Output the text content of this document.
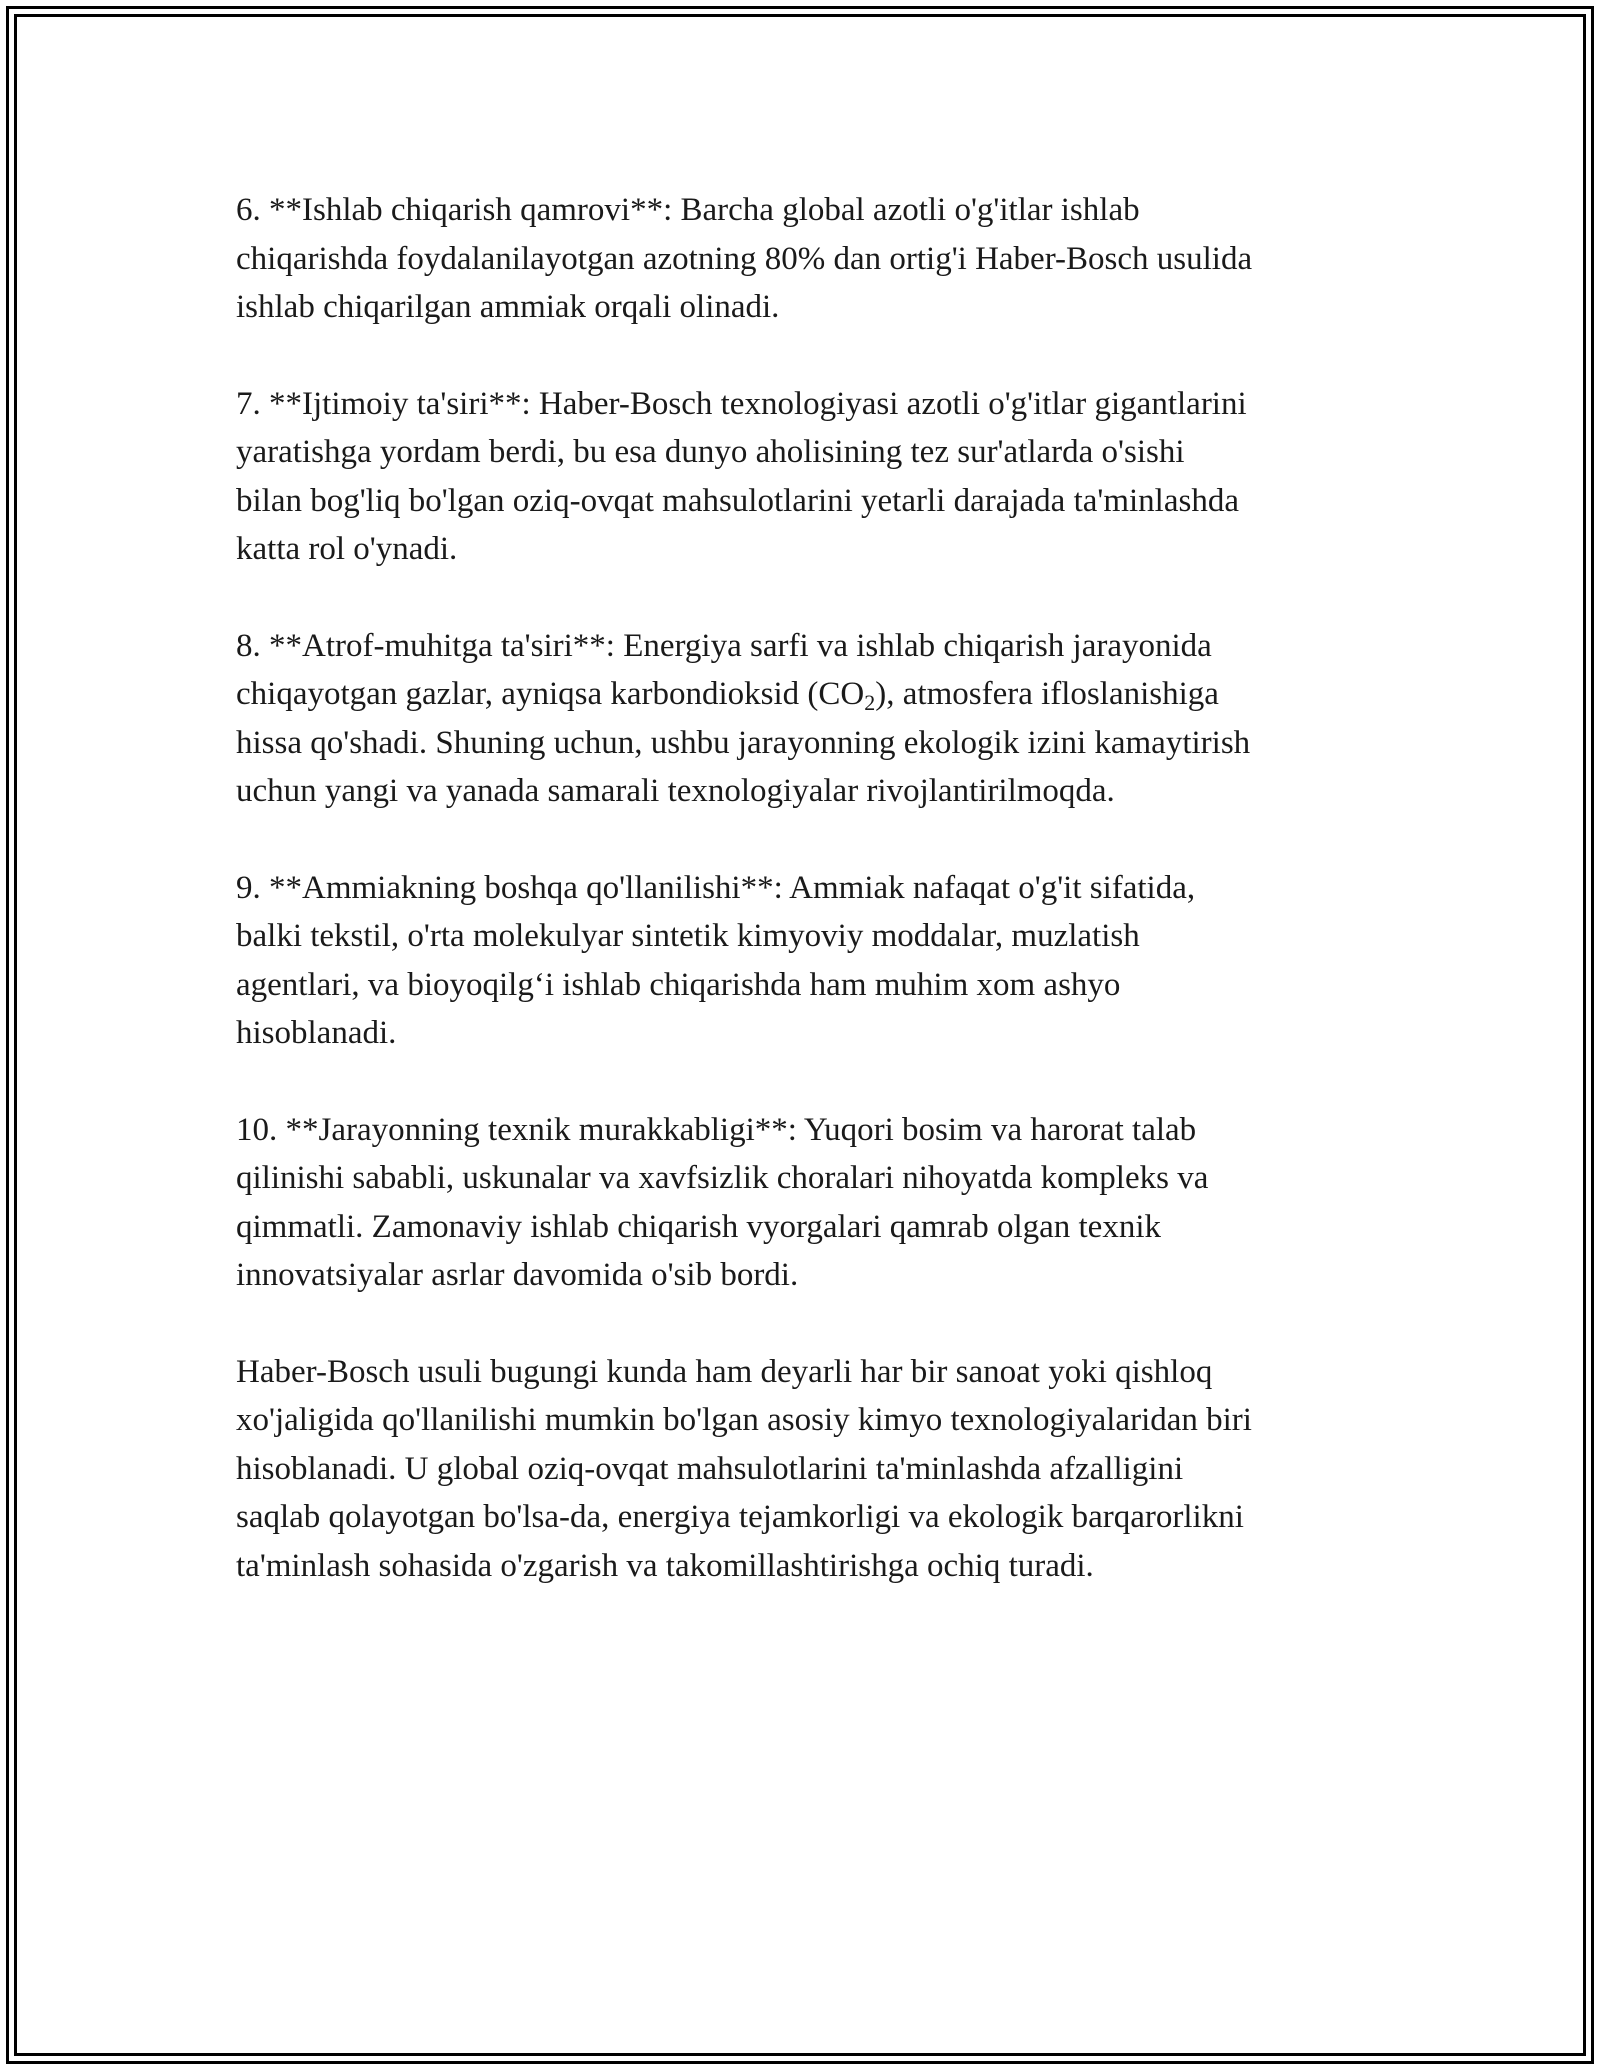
6. **Ishlab chiqarish qamrovi**: Barcha global azotli o'g'itlar ishlab
chiqarishda foydalanilayotgan azotning 80% dan ortig'i Haber-Bosch usulida
ishlab chiqarilgan ammiak orqali olinadi.

7. **Ijtimoiy ta'siri**: Haber-Bosch texnologiyasi azotli o'g'itlar gigantlarini
yaratishga yordam berdi, bu esa dunyo aholisining tez sur'atlarda o'sishi
bilan bog'liq bo'lgan oziq-ovqat mahsulotlarini yetarli darajada ta'minlashda
katta rol o'ynadi.

8. **Atrof-muhitga ta'siri**: Energiya sarfi va ishlab chiqarish jarayonida
chiqayotgan gazlar, ayniqsa karbondioksid $(CO_2)$, atmosfera ifloslanishiga
hissa qo'shadi. Shuning uchun, ushbu jarayonning ekologik izini kamaytirish
uchun yangi va yanada samarali texnologiyalar rivojlantirilmoqda.

9. **Ammiakning boshqa qo'llanilishi**: Ammiak nafaqat o'g'it sifatida,
balki tekstil, o'rta molekulyar sintetik kimyoviy moddalar, muzlatish
agentlari, va bioyoqilg‘i ishlab chiqarishda ham muhim xom ashyo
hisoblanadi.

10. **Jarayonning texnik murakkabligi**: Yuqori bosim va harorat talab
qilinishi sababli, uskunalar va xavfsizlik choralari nihoyatda kompleks va
qimmatli. Zamonaviy ishlab chiqarish vyorgalari qamrab olgan texnik
innovatsiyalar asrlar davomida o'sib bordi.

Haber-Bosch usuli bugungi kunda ham deyarli har bir sanoat yoki qishloq
xo'jaligida qo'llanilishi mumkin bo'lgan asosiy kimyo texnologiyalaridan biri
hisoblanadi. U global oziq-ovqat mahsulotlarini ta'minlashda afzalligini
saqlab qolayotgan bo'lsa-da, energiya tejamkorligi va ekologik barqarorlikni
ta'minlash sohasida o'zgarish va takomillashtirishga ochiq turadi.
